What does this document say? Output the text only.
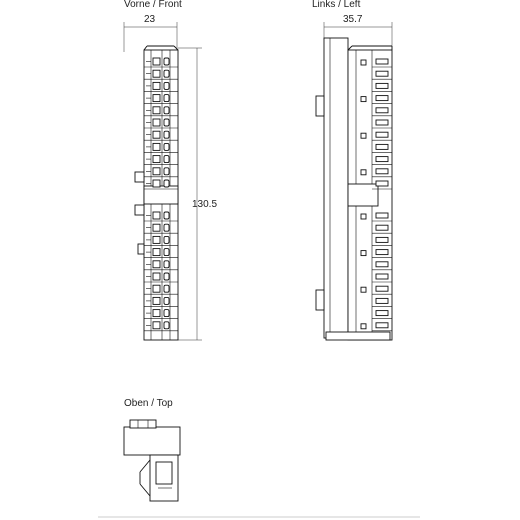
Vorne / Front
23
130.5
Links / Left
35.7
Oben / Top
